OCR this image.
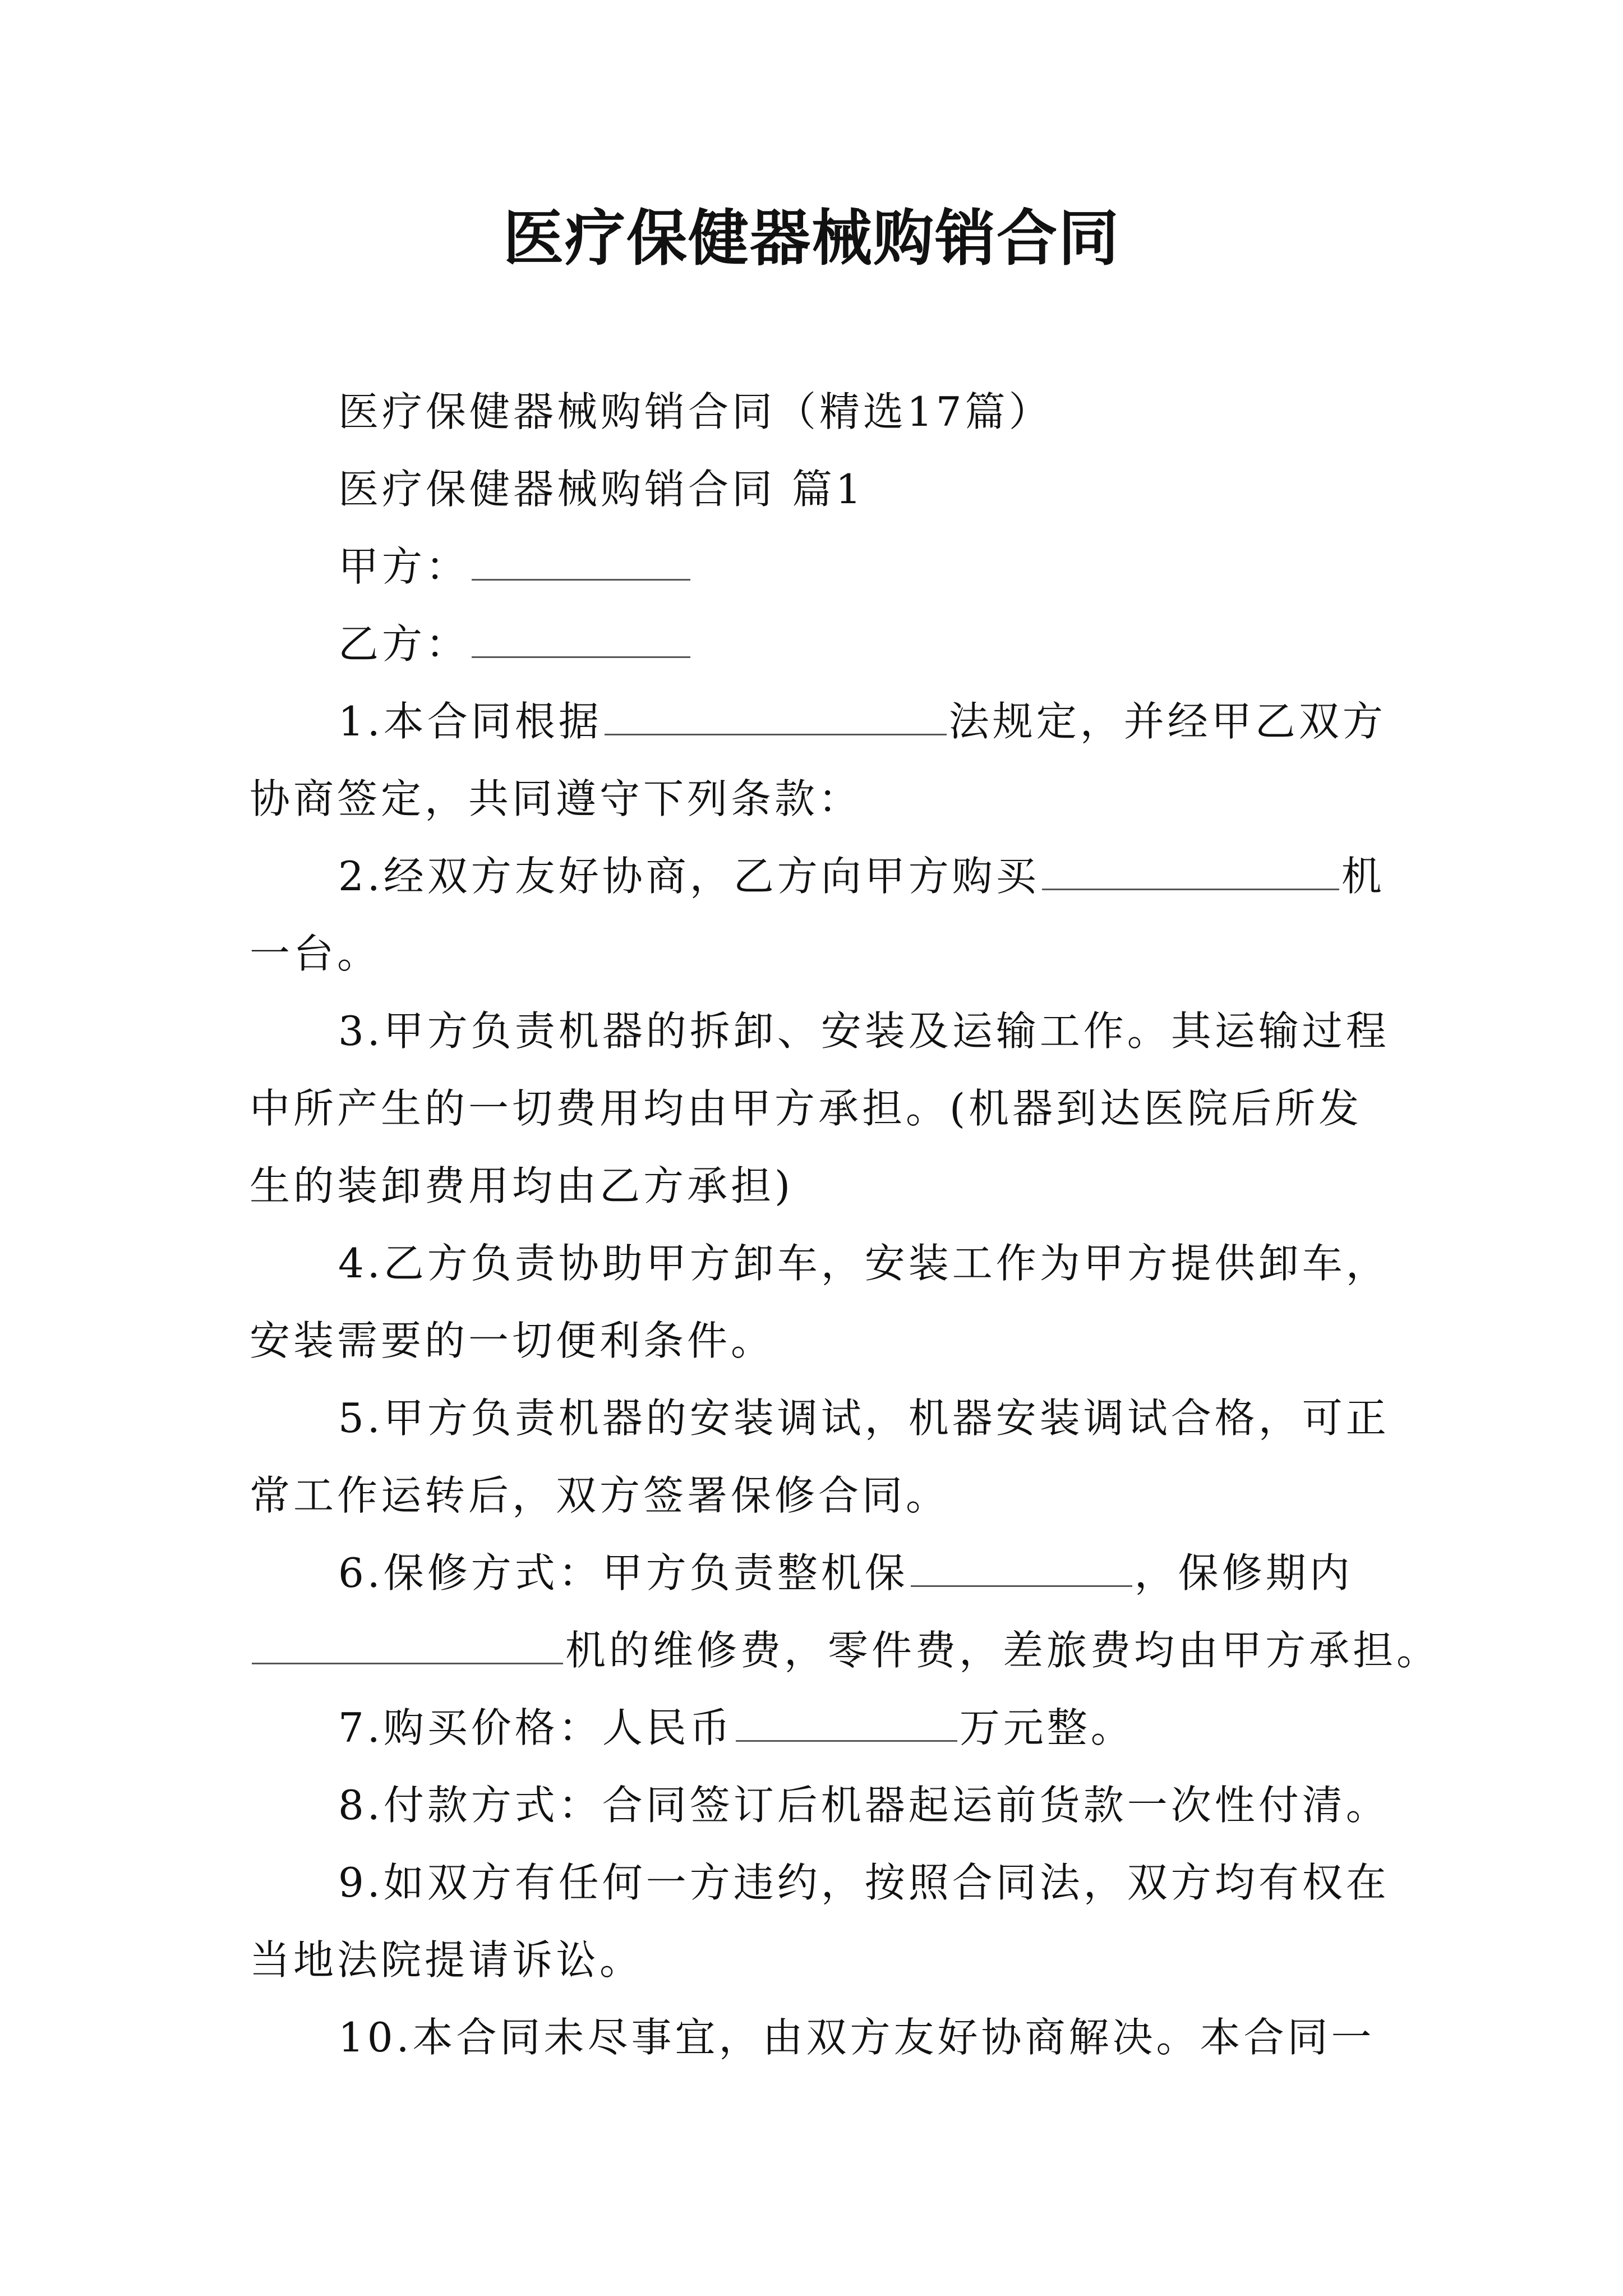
医疗保健器械购销合同
医疗保健器械购销合同（精选17篇）
医疗保健器械购销合同 篇1
甲方：
乙方：
1.本合同根据	法规定，并经甲乙双方
协商签定，共同遵守下列条款：
2.经双方友好协商，乙方向甲方购买	机
一台。
3.甲方负责机器的拆卸、安装及运输工作。其运输过程
中所产生的一切费用均由甲方承担。(机器到达医院后所发
生的装卸费用均由乙方承担)
4.乙方负责协助甲方卸车，安装工作为甲方提供卸车，
安装需要的一切便利条件。
5.甲方负责机器的安装调试，机器安装调试合格，可正
常工作运转后，双方签署保修合同。
6.保修方式：甲方负责整机保	，保修期内
机的维修费，零件费，差旅费均由甲方承担。
7.购买价格：人民币	万元整。
8.付款方式：合同签订后机器起运前货款一次性付清。
9.如双方有任何一方违约，按照合同法，双方均有权在
当地法院提请诉讼。
10.本合同未尽事宜，由双方友好协商解决。本合同一
